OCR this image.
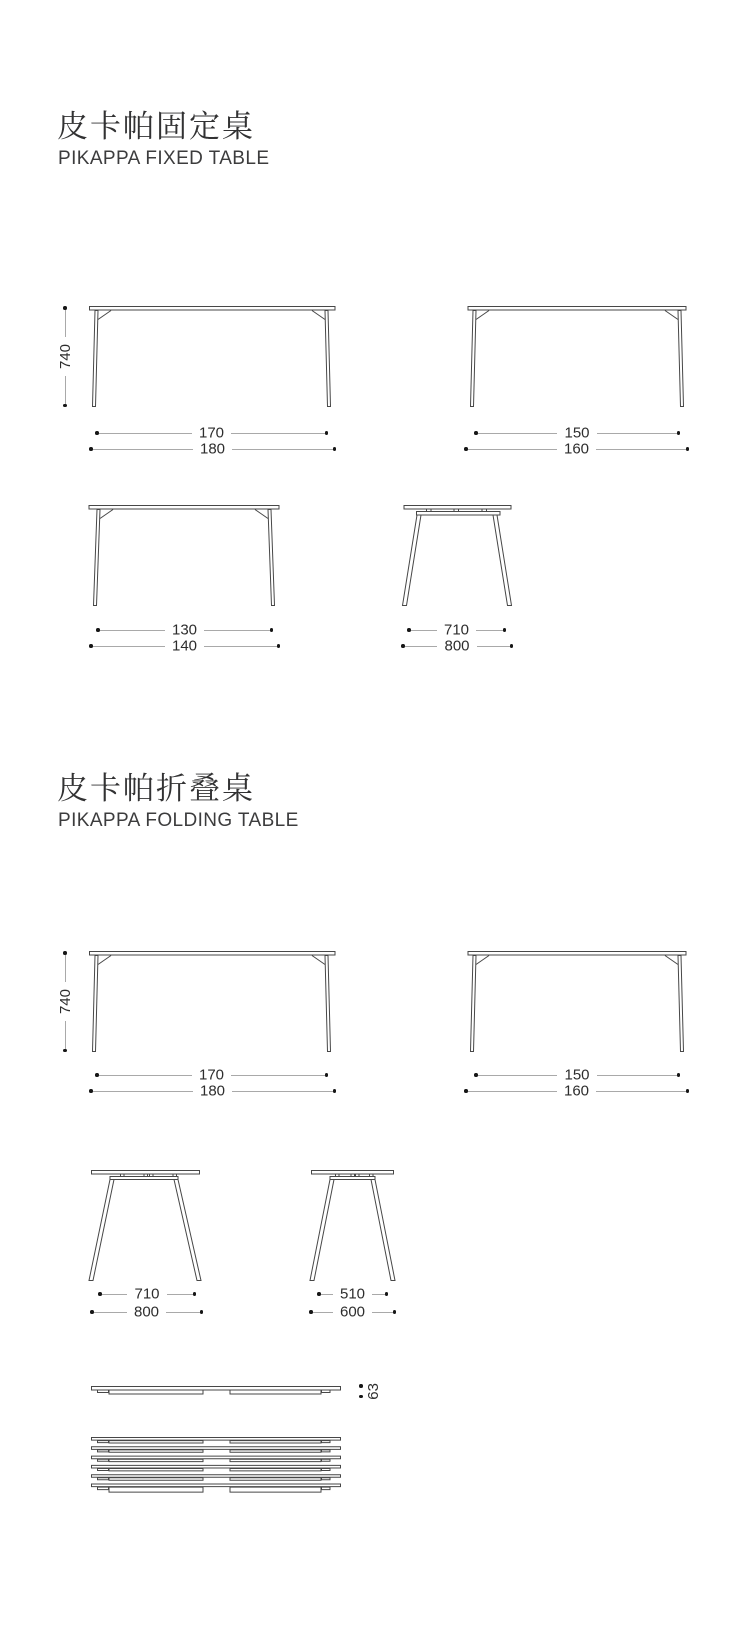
皮卡帕固定桌
PIKAPPA FIXED TABLE
740
170
180
150
160
130
140
710
800
皮卡帕折叠桌
PIKAPPA FOLDING TABLE
740
170
180
150
160
710
800
510
600
63
